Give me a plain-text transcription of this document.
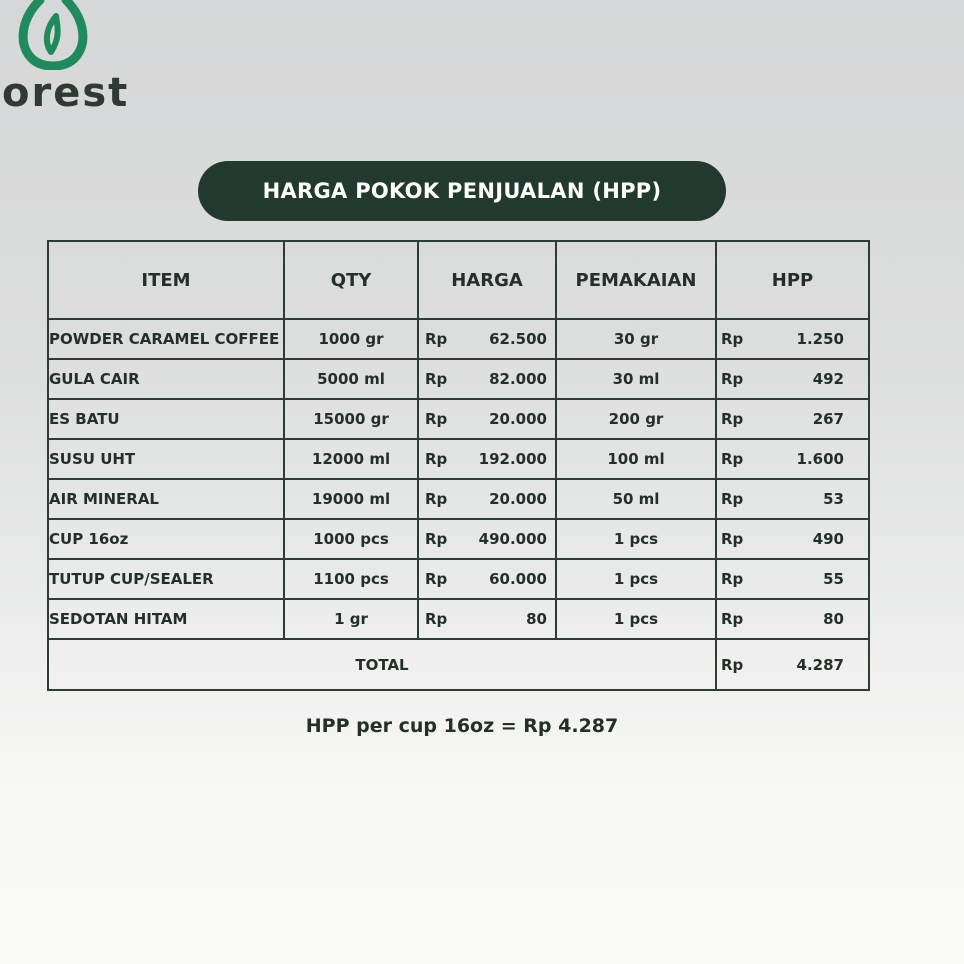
orest
HARGA POKOK PENJUALAN (HPP)
ITEM	QTY	HARGA	PEMAKAIAN	HPP
POWDER CARAMEL COFFEE	1000 gr	Rp 62.500	30 gr	Rp 1.250

GULA CAIR	5000 ml	Rp 82.000	30 ml	Rp 492

ES BATU	15000 gr	Rp 20.000	200 gr	Rp 267

SUSU UHT	12000 ml	Rp 192.000	100 ml	Rp 1.600

AIR MINERAL	19000 ml	Rp 20.000	50 ml	Rp 53

CUP 16oz	1000 pcs	Rp 490.000	1 pcs	Rp 490

TUTUP CUP/SEALER	1100 pcs	Rp 60.000	1 pcs	Rp 55

SEDOTAN HITAM	1 gr	Rp 80	1 pcs	Rp 80

TOTAL				Rp 4.287
HPP per cup 16oz = Rp 4.287
